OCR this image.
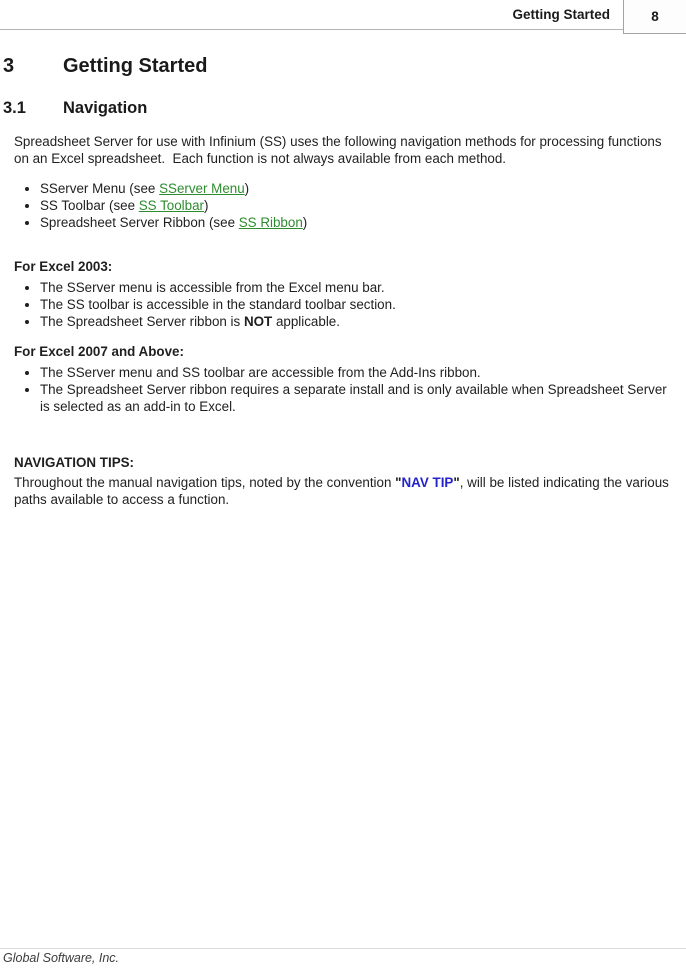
Getting Started	8
3	Getting Started
3.1	Navigation
Spreadsheet Server for use with Infinium (SS) uses the following navigation methods for processing functions on an Excel spreadsheet.  Each function is not always available from each method.
• SServer Menu (see SServer Menu)
• SS Toolbar (see SS Toolbar)
• Spreadsheet Server Ribbon (see SS Ribbon)
For Excel 2003:
• The SServer menu is accessible from the Excel menu bar.
• The SS toolbar is accessible in the standard toolbar section.
• The Spreadsheet Server ribbon is NOT applicable.
For Excel 2007 and Above:
• The SServer menu and SS toolbar are accessible from the Add-Ins ribbon.
• The Spreadsheet Server ribbon requires a separate install and is only available when Spreadsheet Server is selected as an add-in to Excel.
NAVIGATION TIPS:
Throughout the manual navigation tips, noted by the convention "NAV TIP", will be listed indicating the various paths available to access a function.
Global Software, Inc.
